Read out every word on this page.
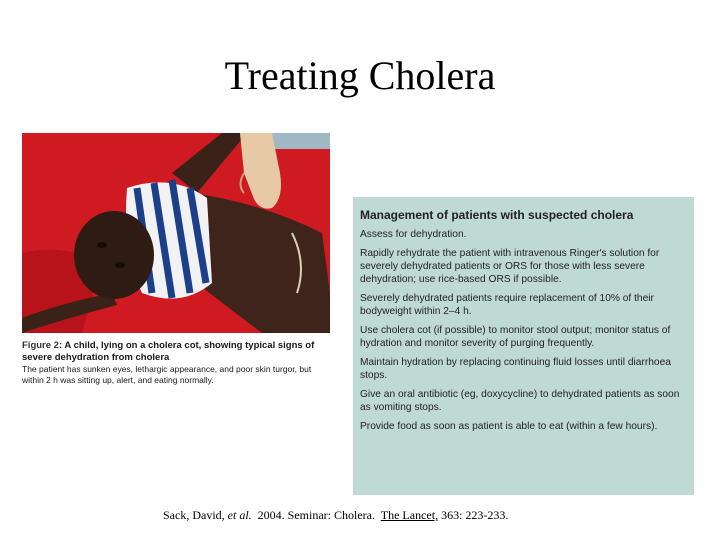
Treating Cholera
Figure 2: A child, lying on a cholera cot, showing typical signs of severe dehydration from cholera
The patient has sunken eyes, lethargic appearance, and poor skin turgor, but within 2 h was sitting up, alert, and eating normally.
Management of patients with suspected cholera
Assess for dehydration.
Rapidly rehydrate the patient with intravenous Ringer's solution for severely dehydrated patients or ORS for those with less severe dehydration; use rice-based ORS if possible.
Severely dehydrated patients require replacement of 10% of their bodyweight within 2–4 h.
Use cholera cot (if possible) to monitor stool output; monitor status of hydration and monitor severity of purging frequently.
Maintain hydration by replacing continuing fluid losses until diarrhoea stops.
Give an oral antibiotic (eg, doxycycline) to dehydrated patients as soon as vomiting stops.
Provide food as soon as patient is able to eat (within a few hours).
Sack, David, et al. 2004. Seminar: Cholera. The Lancet, 363: 223-233.
